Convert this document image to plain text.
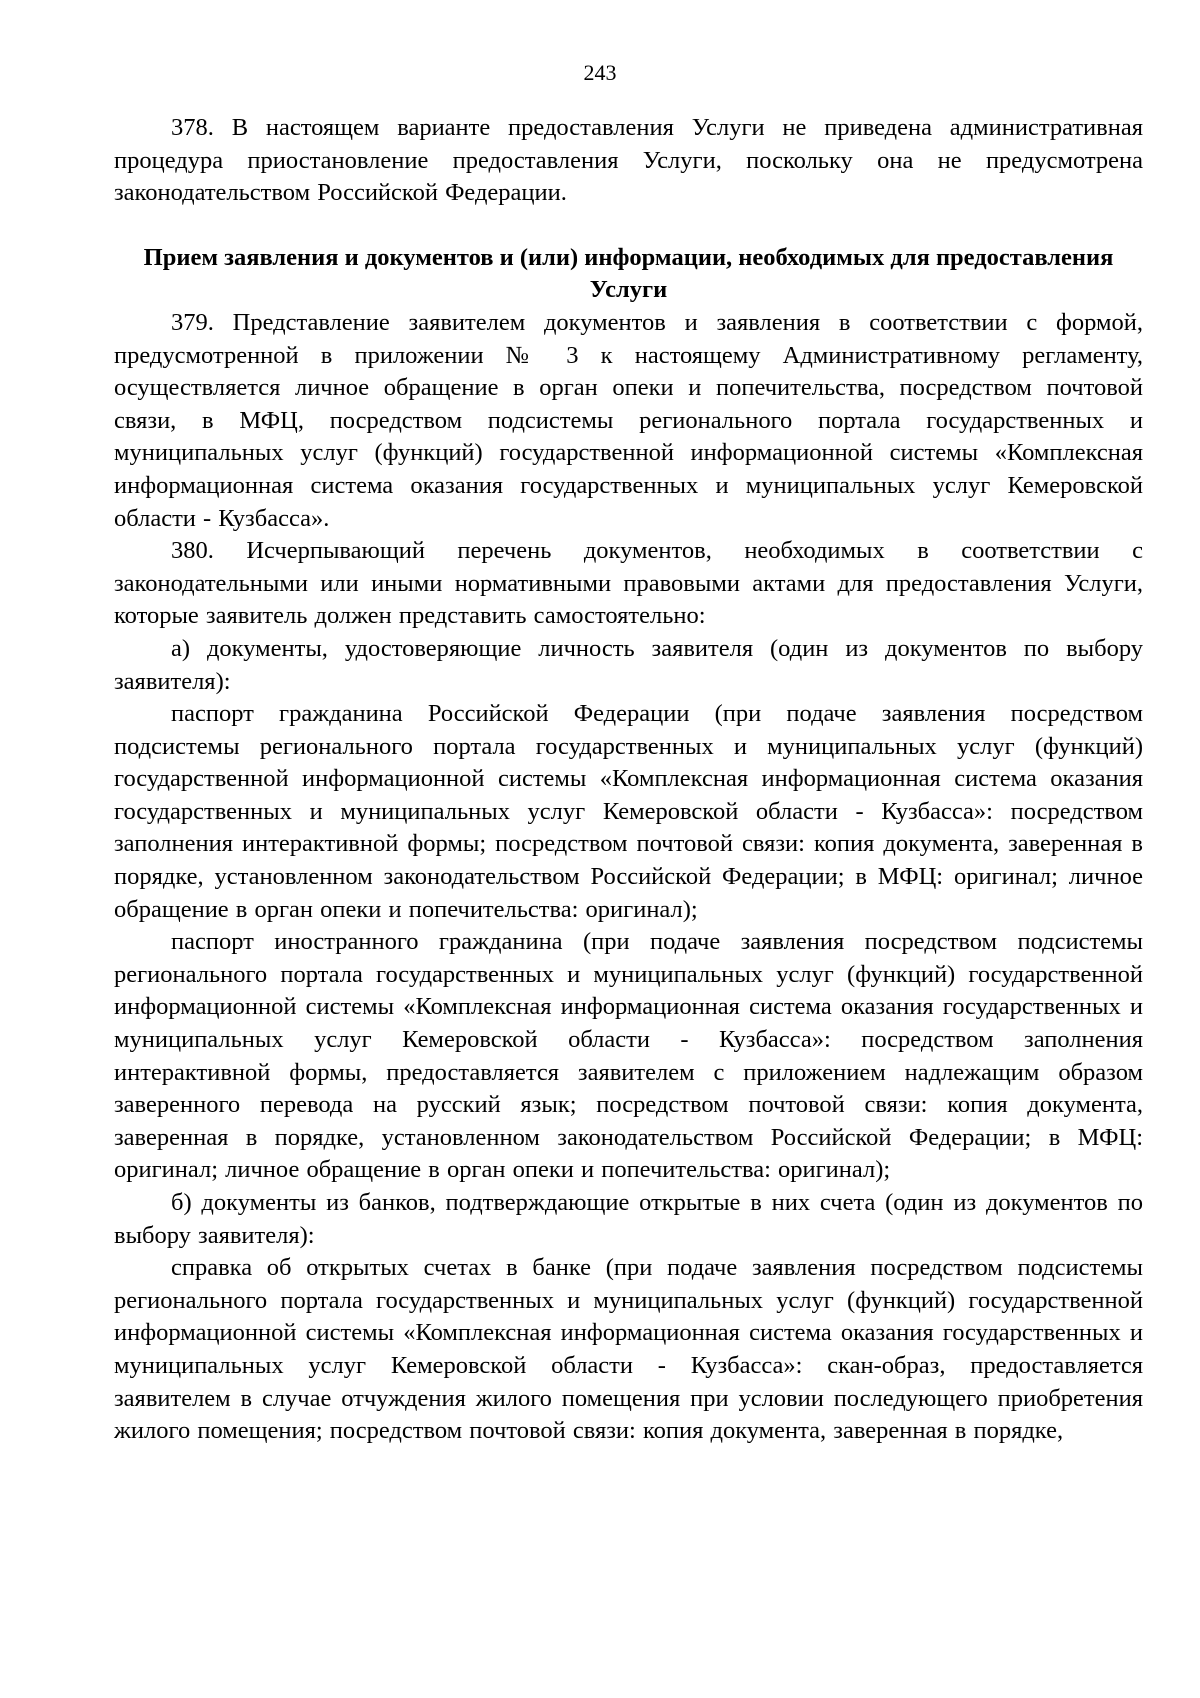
243

378. В настоящем варианте предоставления Услуги не приведена административная процедура приостановление предоставления Услуги, поскольку она не предусмотрена законодательством Российской Федерации.

Прием заявления и документов и (или) информации, необходимых для предоставления Услуги

379. Представление заявителем документов и заявления в соответствии с формой, предусмотренной в приложении № 3 к настоящему Административному регламенту, осуществляется личное обращение в орган опеки и попечительства, посредством почтовой связи, в МФЦ, посредством подсистемы регионального портала государственных и муниципальных услуг (функций) государственной информационной системы «Комплексная информационная система оказания государственных и муниципальных услуг Кемеровской области - Кузбасса».

380. Исчерпывающий перечень документов, необходимых в соответствии с законодательными или иными нормативными правовыми актами для предоставления Услуги, которые заявитель должен представить самостоятельно:

а) документы, удостоверяющие личность заявителя (один из документов по выбору заявителя):

паспорт гражданина Российской Федерации (при подаче заявления посредством подсистемы регионального портала государственных и муниципальных услуг (функций) государственной информационной системы «Комплексная информационная система оказания государственных и муниципальных услуг Кемеровской области - Кузбасса»: посредством заполнения интерактивной формы; посредством почтовой связи: копия документа, заверенная в порядке, установленном законодательством Российской Федерации; в МФЦ: оригинал; личное обращение в орган опеки и попечительства: оригинал);

паспорт иностранного гражданина (при подаче заявления посредством подсистемы регионального портала государственных и муниципальных услуг (функций) государственной информационной системы «Комплексная информационная система оказания государственных и муниципальных услуг Кемеровской области - Кузбасса»: посредством заполнения интерактивной формы, предоставляется заявителем с приложением надлежащим образом заверенного перевода на русский язык; посредством почтовой связи: копия документа, заверенная в порядке, установленном законодательством Российской Федерации; в МФЦ: оригинал; личное обращение в орган опеки и попечительства: оригинал);

б) документы из банков, подтверждающие открытые в них счета (один из документов по выбору заявителя):

справка об открытых счетах в банке (при подаче заявления посредством подсистемы регионального портала государственных и муниципальных услуг (функций) государственной информационной системы «Комплексная информационная система оказания государственных и муниципальных услуг Кемеровской области - Кузбасса»: скан-образ, предоставляется заявителем в случае отчуждения жилого помещения при условии последующего приобретения жилого помещения; посредством почтовой связи: копия документа, заверенная в порядке,
